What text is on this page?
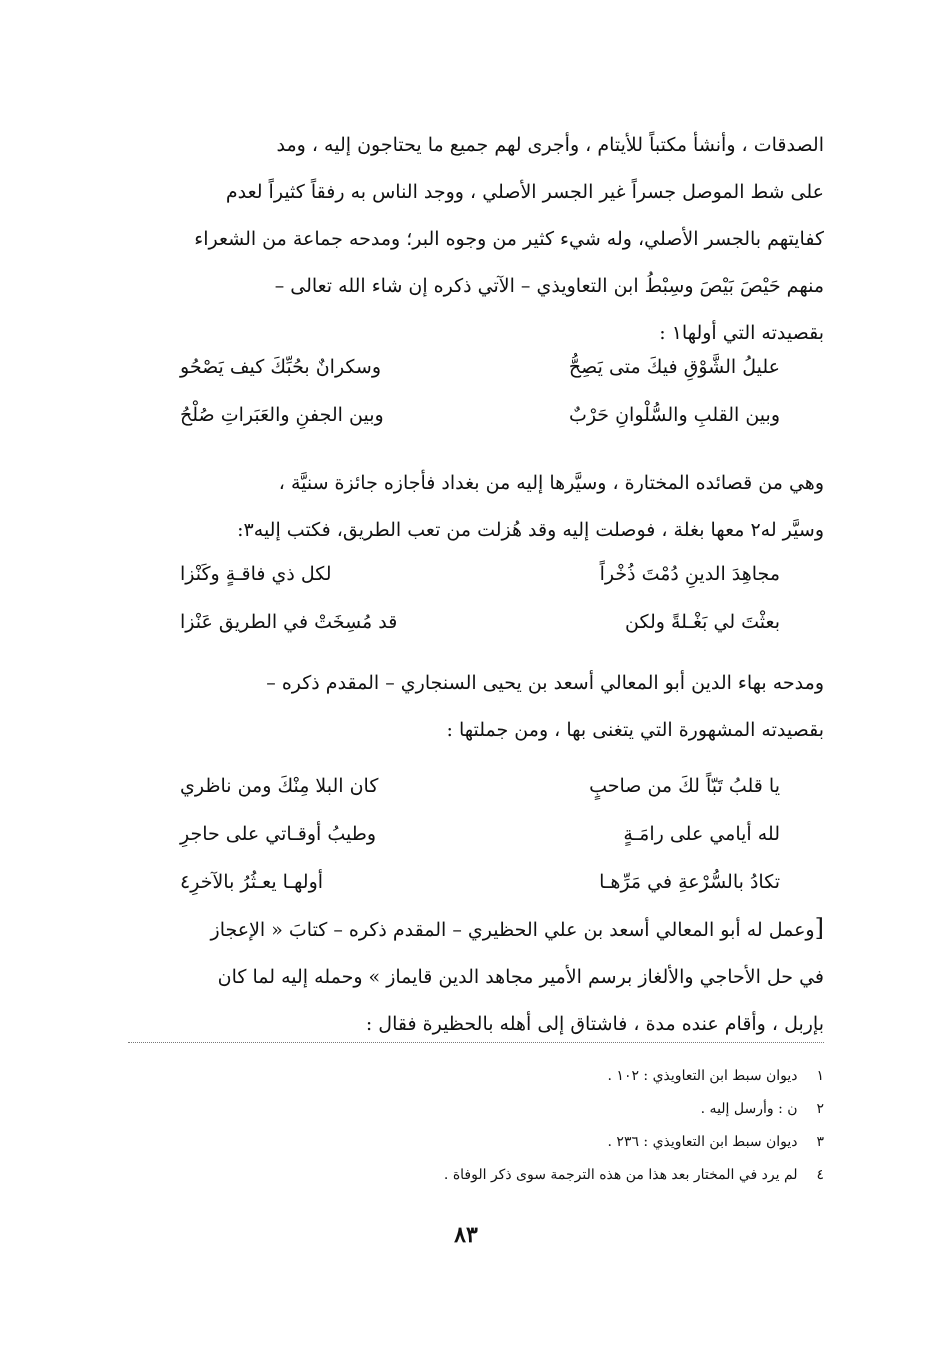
الصدقات ، وأنشأ مكتباً للأيتام ، وأجرى لهم جميع ما يحتاجون إليه ، ومد
على شط الموصل جسراً غير الجسر الأصلي ، ووجد الناس به رفقاً كثيراً لعدم
كفايتهم بالجسر الأصلي، وله شيء كثير من وجوه البر؛ ومدحه جماعة من الشعراء
منهم حَيْصَ بَيْصَ وسِبْطُ ابن التعاويذي – الآتي ذكره إن شاء الله تعالى –
بقصيدته التي أولها١ :
عليلُ الشَّوْقِ فيكَ متى يَصِحُّ
وسكرانٌ بحُبِّكَ كيف يَصْحُو
وبين القلبِ والسُّلْوانِ حَرْبٌ
وبين الجفنِ والعَبَراتِ صُلْحُ
وهي من قصائده المختارة ، وسيَّرها إليه من بغداد فأجازه جائزة سنيَّة ،
وسيَّر له٢ معها بغلة ، فوصلت إليه وقد هُزلت من تعب الطريق، فكتب إليه٣:
مجاهِدَ الدينِ دُمْتَ ذُخْراً
لكل ذي فاقـةٍ وكَنْزا
بعثْتَ لي بَغْـلةً ولكن
قد مُسِخَتْ في الطريق عَنْزا
ومدحه بهاء الدين أبو المعالي أسعد بن يحيى السنجاري – المقدم ذكره –
بقصيدته المشهورة التي يتغنى بها ، ومن جملتها :
يا قلبُ تَبّاً لكَ من صاحبٍ
كان البلا مِنْكَ ومن ناظري
لله أيامي على رامَـةٍ
وطيبُ أوقـاتي على حاجرِ
تكادُ بالسُّرْعةِ في مَرِّهـا
أولهـا يعـثُرُ بالآخرِ٤
[وعمل له أبو المعالي أسعد بن علي الحظيري – المقدم ذكره – كتابَ « الإعجاز
في حل الأحاجي والألغاز برسم الأمير مجاهد الدين قايماز » وحمله إليه لما كان
بإربل ، وأقام عنده مدة ، فاشتاق إلى أهله بالحظيرة فقال :
١ ديوان سبط ابن التعاويذي : ١٠٢ .
٢ ن : وأرسل إليه .
٣ ديوان سبط ابن التعاويذي : ٢٣٦ .
٤ لم يرد في المختار بعد هذا من هذه الترجمة سوى ذكر الوفاة .
٨٣
